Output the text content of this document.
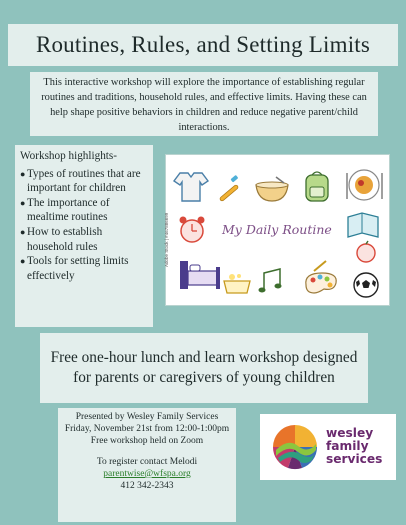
Routines, Rules, and Setting Limits
This interactive workshop will explore the importance of establishing regular routines and traditions, household rules, and effective limits. Having these can help shape positive behaviors in children and reduce negative parent/child interactions.
Workshop highlights-
● Types of routines that are important for children
● The importance of mealtime routines
● How to establish household rules
● Tools for setting limits effectively
My Daily Routine
Adobe Stock | #467886699
Free one-hour lunch and learn workshop designed for parents or caregivers of young children
Presented by Wesley Family Services
Friday, November 21st from 12:00-1:00pm
Free workshop held on Zoom
To register contact Melodi
parentwise@wfspa.org
412 342-2343
wesley
family
services
